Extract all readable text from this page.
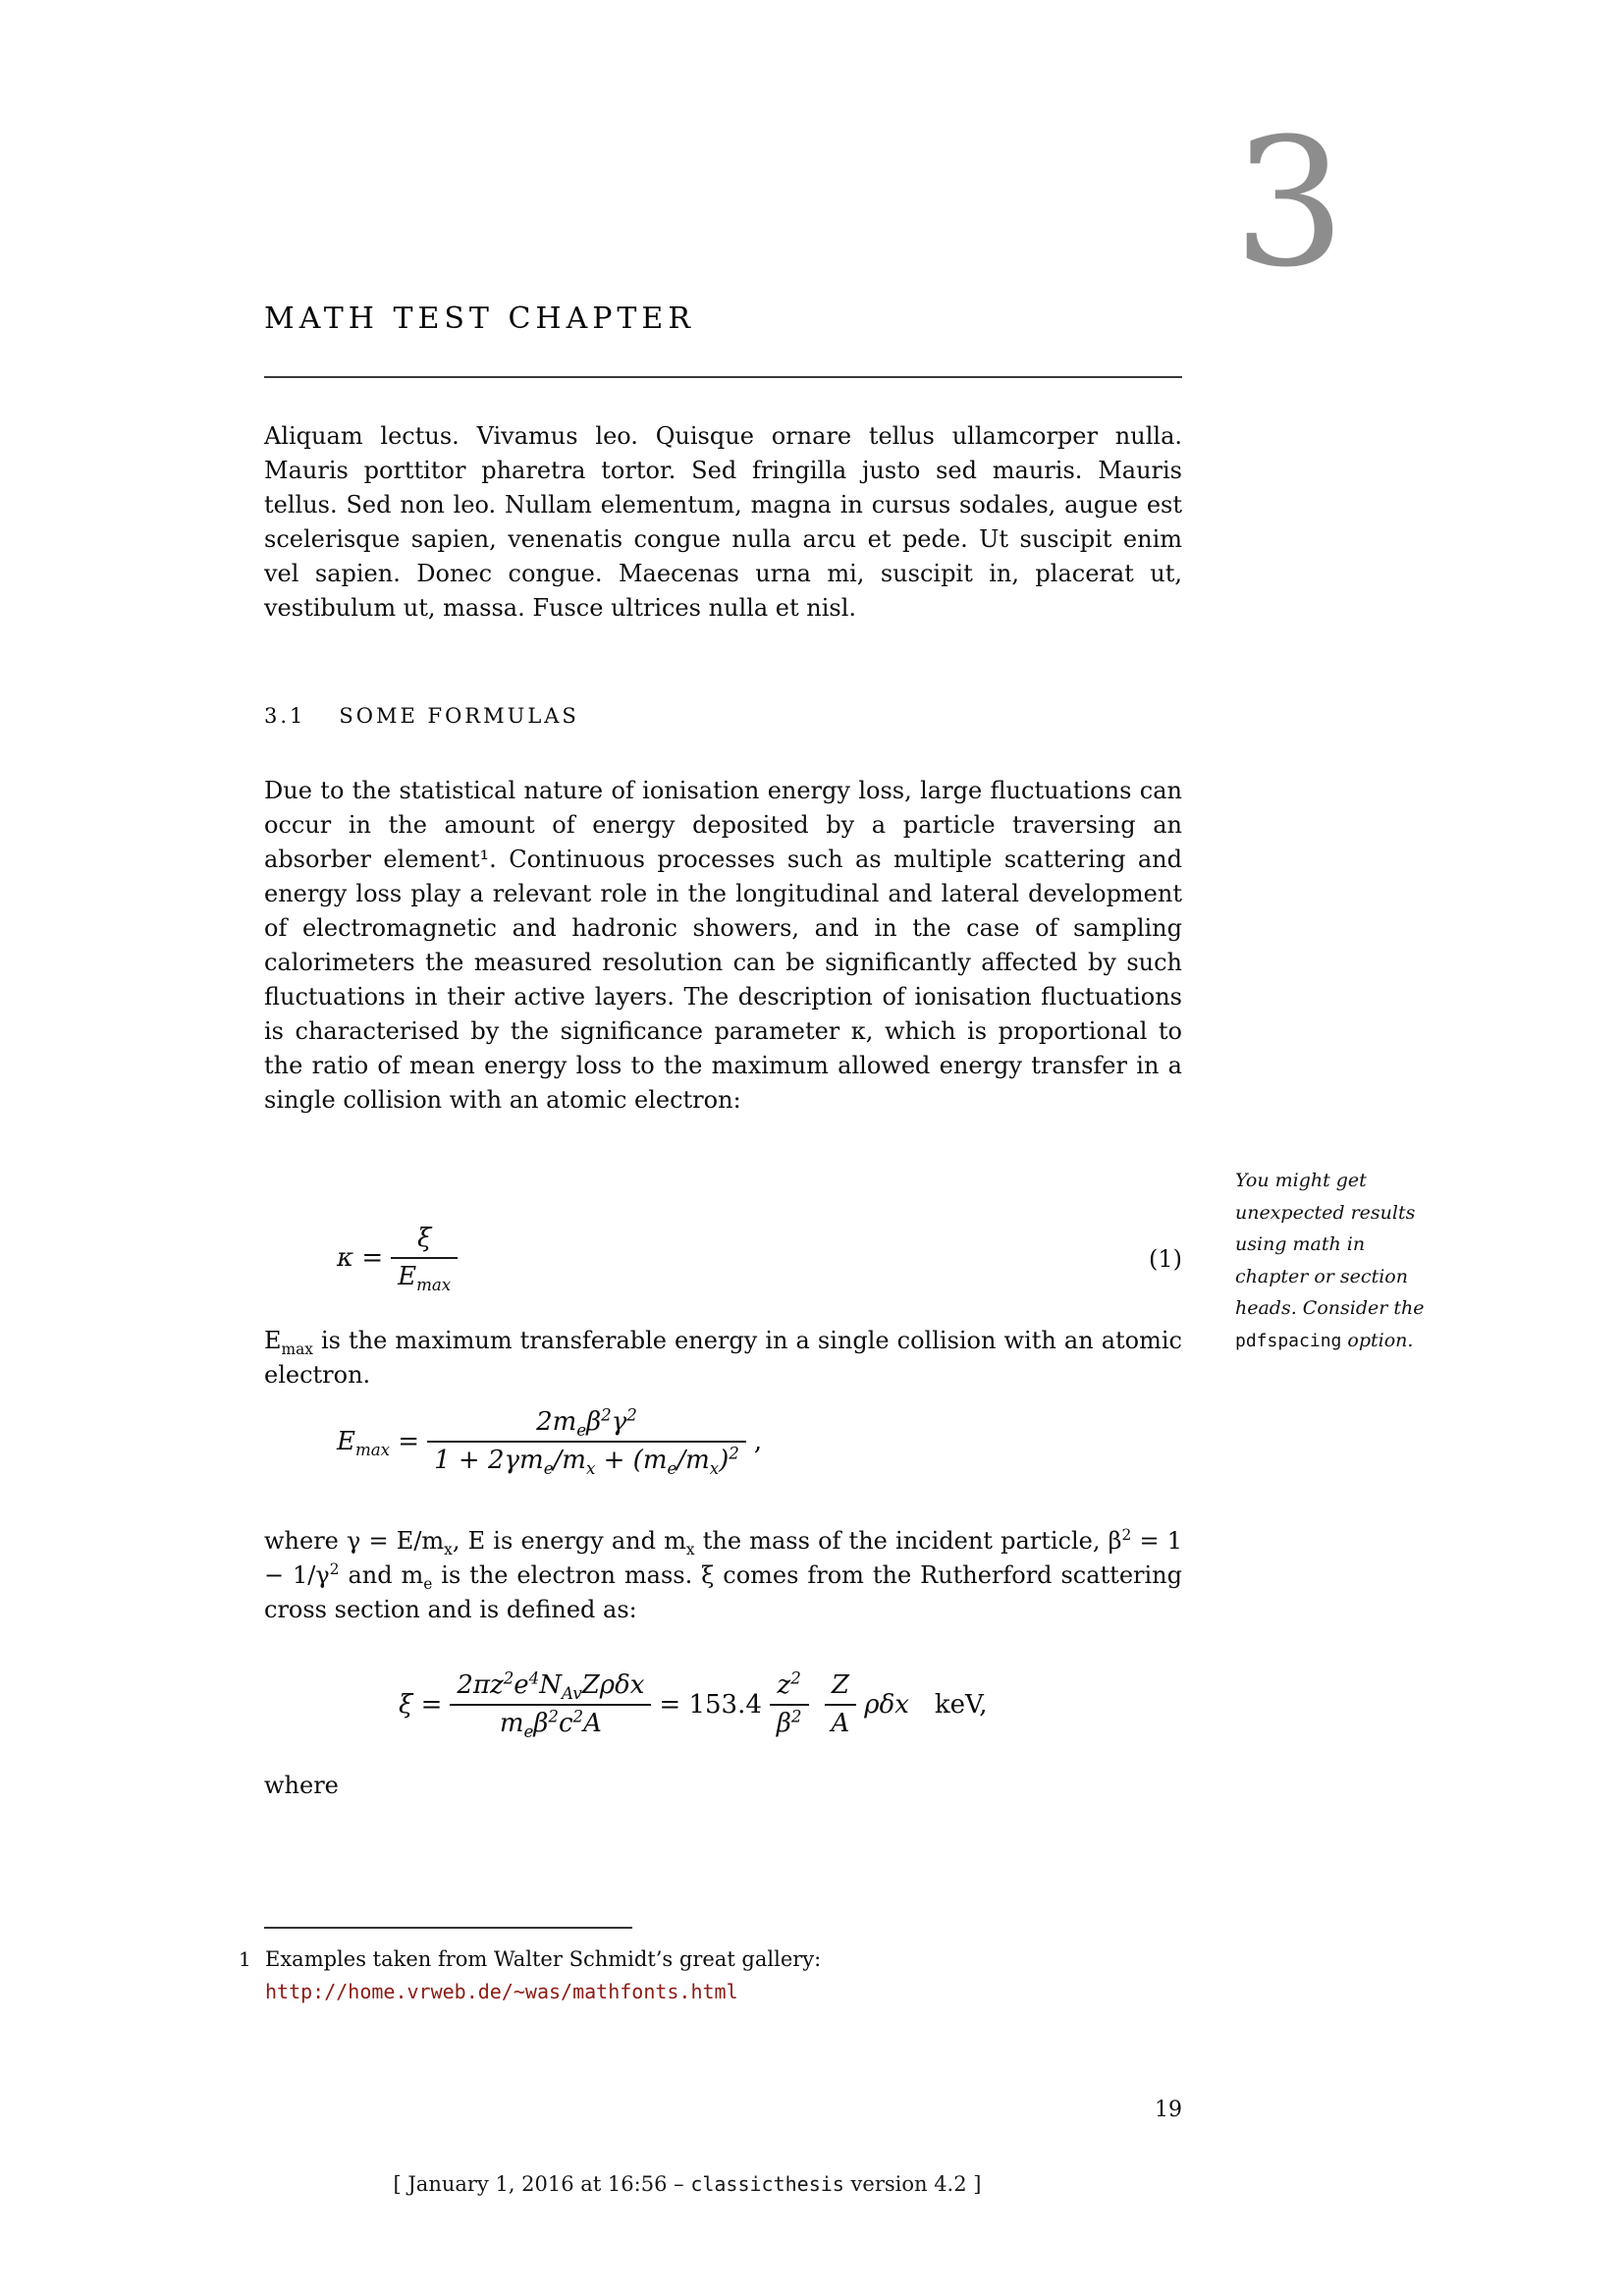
3
MATH TEST CHAPTER
Aliquam lectus. Vivamus leo. Quisque ornare tellus ullamcorper nulla. Mauris porttitor pharetra tortor. Sed fringilla justo sed mauris. Mauris tellus. Sed non leo. Nullam elementum, magna in cursus sodales, augue est scelerisque sapien, venenatis congue nulla arcu et pede. Ut suscipit enim vel sapien. Donec congue. Maecenas urna mi, suscipit in, placerat ut, vestibulum ut, massa. Fusce ultrices nulla et nisl.
3.1 SOME FORMULAS
Due to the statistical nature of ionisation energy loss, large fluctuations can occur in the amount of energy deposited by a particle traversing an absorber element¹. Continuous processes such as multiple scattering and energy loss play a relevant role in the longitudinal and lateral development of electromagnetic and hadronic showers, and in the case of sampling calorimeters the measured resolution can be significantly affected by such fluctuations in their active layers. The description of ionisation fluctuations is characterised by the significance parameter κ, which is proportional to the ratio of mean energy loss to the maximum allowed energy transfer in a single collision with an atomic electron:
$\kappa = \frac{\xi}{E_{max}}$	(1)
You might get
unexpected results
using math in
chapter or section
heads. Consider the
pdfspacing option.
$E_{max}$ is the maximum transferable energy in a single collision with an atomic electron.
$E_{max} = \frac{2m_e\beta^2\gamma^2}{1 + 2\gamma m_e/m_x + (m_e/m_x)^2}$ ,
where $\gamma = E/m_x$, E is energy and $m_x$ the mass of the incident particle, $\beta^2 = 1 - 1/\gamma^2$ and $m_e$ is the electron mass. ξ comes from the Rutherford scattering cross section and is defined as:
$\xi = \frac{2\pi z^2e^4N_{Av}Z\rho\delta x}{m_e\beta^2c^2A} = 153.4 \frac{z^2}{\beta^2} \frac{Z}{A}$ ρδx keV,
where
1 Examples taken from Walter Schmidt’s great gallery:
http://home.vrweb.de/~was/mathfonts.html
19
[ January 1, 2016 at 16:56 – classicthesis version 4.2 ]
